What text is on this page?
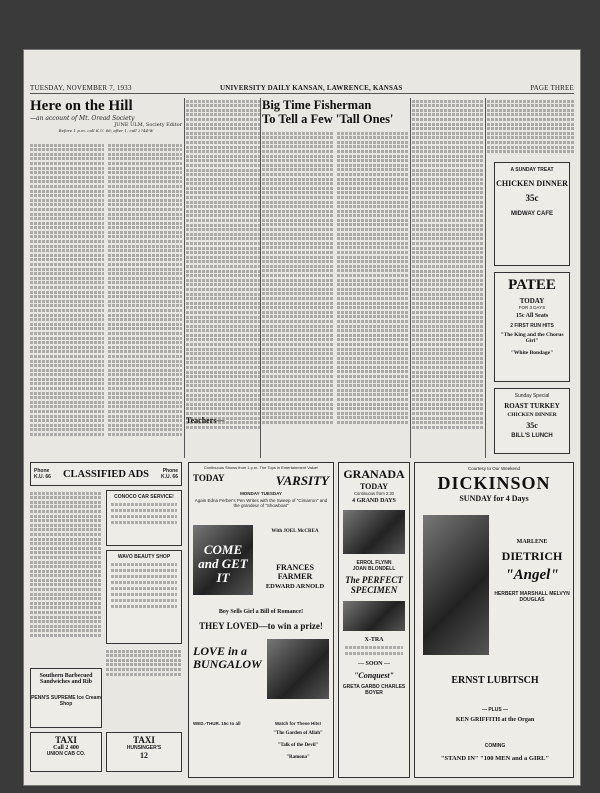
TUESDAY, NOVEMBER 7, 1933	UNIVERSITY DAILY KANSAN, LAWRENCE, KANSAS	PAGE THREE
Here on the Hill
—an account of Mt. Oread Society
JUNE ULM, Society Editor
Before 1 p.m. call K.U. 66; after 1, call 2744-W
Big Time Fisherman
To Tell a Few 'Tall Ones'
Teachers—
A SUNDAY TREAT
CHICKEN DINNER
35c
MIDWAY CAFE
PATEE
TODAY
FOR 3 DAYS
15c All Seats
2 FIRST RUN HITS
"The King and the Chorus Girl"
"White Bondage"
Sunday Special
ROAST TURKEY
CHICKEN DINNER
35c
BILL'S LUNCH
Phone K.U. 66 CLASSIFIED ADS	Phone K.U. 66
Southern Barbecued Sandwiches and Rib
PENN'S SUPREME Ice Cream Shop
TAXI
Call 2 400
UNION CAB CO.
CONOCO CAR SERVICE!
WAVO BEAUTY SHOP
TAXI
HUNSINGER'S
12
Continuous Shows from 1 p.m. The Tops in Entertainment Value!
TODAY	VARSITY
MONDAY TUESDAY
Again Edna Ferber's Pen Writes with the Sweep of "Cimarron" and the grandeur of "Showboat"
COME and GET IT
With JOEL McCREA
FRANCES FARMER
EDWARD ARNOLD
Boy Sells Girl a Bill of Romance!
THEY LOVED—to win a prize!
LOVE in a BUNGALOW
WED.-THUR. 15c to all	Watch for These Hits!
"The Garden of Allah"
"Talk of the Devil"
"Ramona"
GRANADA
TODAY
Continuous from 2:30
4 GRAND DAYS
ERROL FLYNN
JOAN BLONDELL
The PERFECT SPECIMEN
X-TRA
— SOON —
"Conquest"
GRETA GARBO CHARLES BOYER
Courtesy to Our Weekend
DICKINSON
SUNDAY for 4 Days
MARLENE
DIETRICH
"Angel"
HERBERT MARSHALL MELVYN DOUGLAS
ERNST LUBITSCH
— PLUS —
KEN GRIFFITH at the Organ
COMING
"STAND IN" "100 MEN and a GIRL"
